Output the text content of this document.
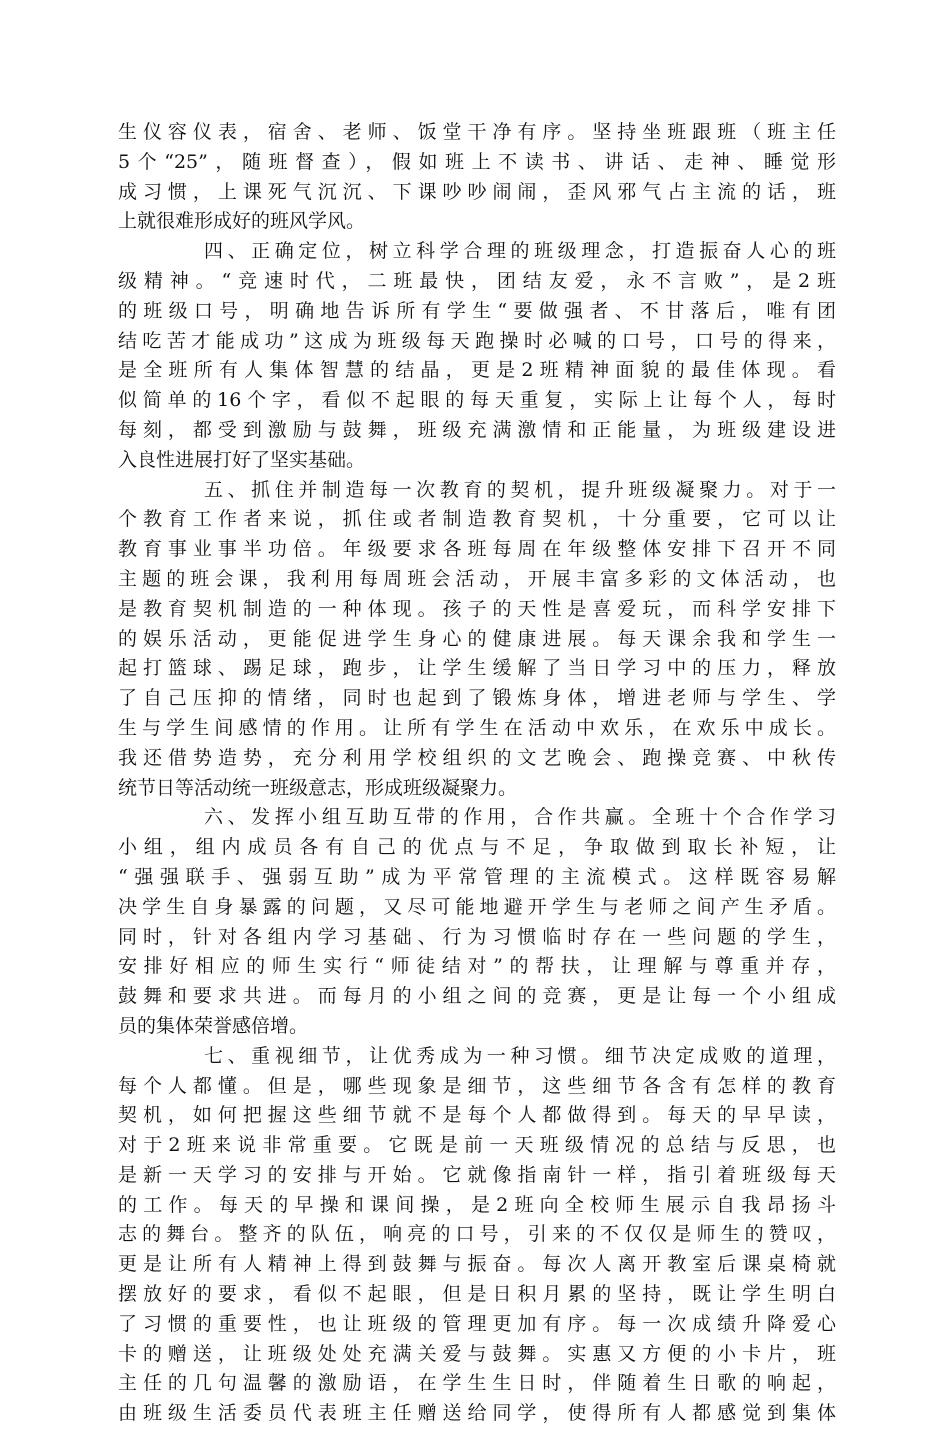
生仪容仪表，宿舍、老师、饭堂干净有序。坚持坐班跟班（班主任
5个“25”，随班督查），假如班上不读书、讲话、走神、睡觉形
成习惯，上课死气沉沉、下课吵吵闹闹，歪风邪气占主流的话，班
上就很难形成好的班风学风。
四、正确定位，树立科学合理的班级理念，打造振奋人心的班
级精神。“竞速时代，二班最快，团结友爱，永不言败”，是2班
的班级口号，明确地告诉所有学生“要做强者、不甘落后，唯有团
结吃苦才能成功”这成为班级每天跑操时必喊的口号，口号的得来，
是全班所有人集体智慧的结晶，更是2班精神面貌的最佳体现。看
似简单的16个字，看似不起眼的每天重复，实际上让每个人，每时
每刻，都受到激励与鼓舞，班级充满激情和正能量，为班级建设进
入良性进展打好了坚实基础。
五、抓住并制造每一次教育的契机，提升班级凝聚力。对于一
个教育工作者来说，抓住或者制造教育契机，十分重要，它可以让
教育事业事半功倍。年级要求各班每周在年级整体安排下召开不同
主题的班会课，我利用每周班会活动，开展丰富多彩的文体活动，也
是教育契机制造的一种体现。孩子的天性是喜爱玩，而科学安排下
的娱乐活动，更能促进学生身心的健康进展。每天课余我和学生一
起打篮球、踢足球，跑步，让学生缓解了当日学习中的压力，释放
了自己压抑的情绪，同时也起到了锻炼身体，增进老师与学生、学
生与学生间感情的作用。让所有学生在活动中欢乐，在欢乐中成长。
我还借势造势，充分利用学校组织的文艺晚会、跑操竞赛、中秋传
统节日等活动统一班级意志，形成班级凝聚力。
六、发挥小组互助互带的作用，合作共赢。全班十个合作学习
小组，组内成员各有自己的优点与不足，争取做到取长补短，让
“强强联手、强弱互助”成为平常管理的主流模式。这样既容易解
决学生自身暴露的问题，又尽可能地避开学生与老师之间产生矛盾。
同时，针对各组内学习基础、行为习惯临时存在一些问题的学生，
安排好相应的师生实行“师徒结对”的帮扶，让理解与尊重并存，
鼓舞和要求共进。而每月的小组之间的竞赛，更是让每一个小组成
员的集体荣誉感倍增。
七、重视细节，让优秀成为一种习惯。细节决定成败的道理，
每个人都懂。但是，哪些现象是细节，这些细节各含有怎样的教育
契机，如何把握这些细节就不是每个人都做得到。每天的早早读，
对于2班来说非常重要。它既是前一天班级情况的总结与反思，也
是新一天学习的安排与开始。它就像指南针一样，指引着班级每天
的工作。每天的早操和课间操，是2班向全校师生展示自我昂扬斗
志的舞台。整齐的队伍，响亮的口号，引来的不仅仅是师生的赞叹，
更是让所有人精神上得到鼓舞与振奋。每次人离开教室后课桌椅就
摆放好的要求，看似不起眼，但是日积月累的坚持，既让学生明白
了习惯的重要性，也让班级的管理更加有序。每一次成绩升降爱心
卡的赠送，让班级处处充满关爱与鼓舞。实惠又方便的小卡片，班
主任的几句温馨的激励语，在学生生日时，伴随着生日歌的响起，
由班级生活委员代表班主任赠送给同学，使得所有人都感觉到集体
